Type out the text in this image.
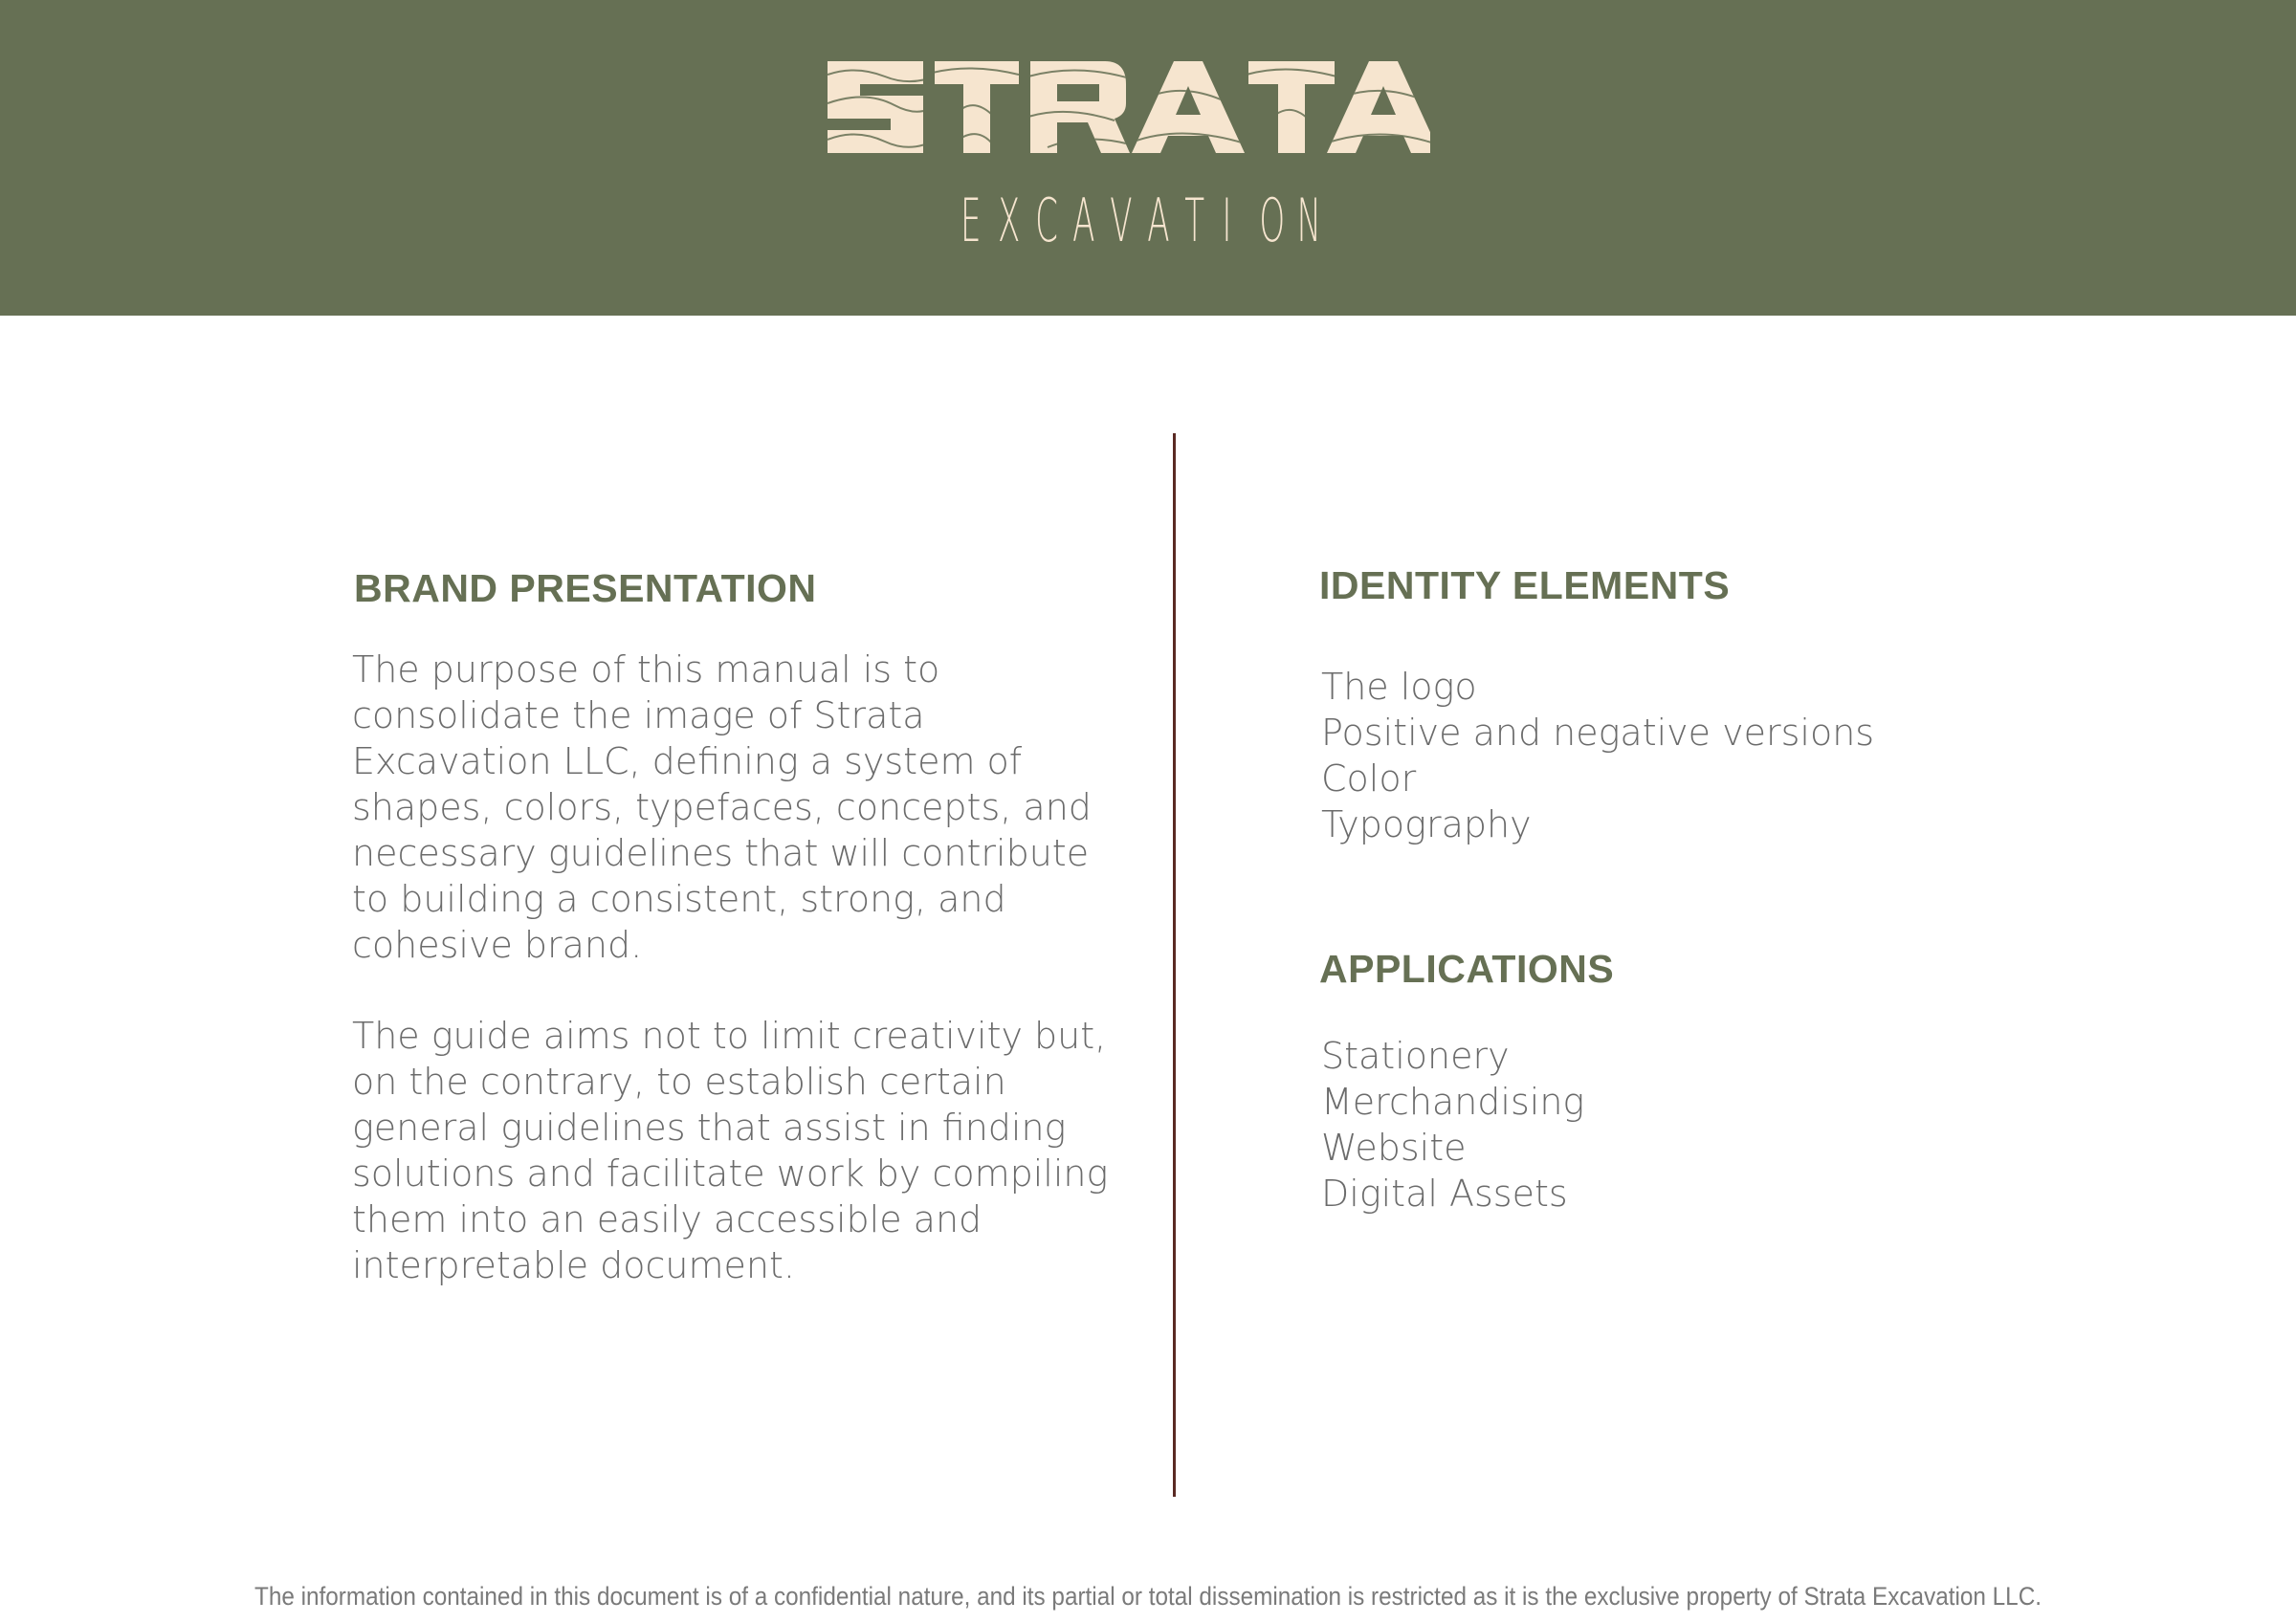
E X C A V A T I O N
BRAND PRESENTATION
The purpose of this manual is to
consolidate the image of Strata
Excavation LLC, defining a system of
shapes, colors, typefaces, concepts, and
necessary guidelines that will contribute
to building a consistent, strong, and
cohesive brand.
The guide aims not to limit creativity but,
on the contrary, to establish certain
general guidelines that assist in finding
solutions and facilitate work by compiling
them into an easily accessible and
interpretable document.
IDENTITY ELEMENTS
The logo
Positive and negative versions
Color
Typography
APPLICATIONS
Stationery
Merchandising
Website
Digital Assets
The information contained in this document is of a confidential nature, and its partial or total dissemination is restricted as it is the exclusive property of Strata Excavation LLC.
